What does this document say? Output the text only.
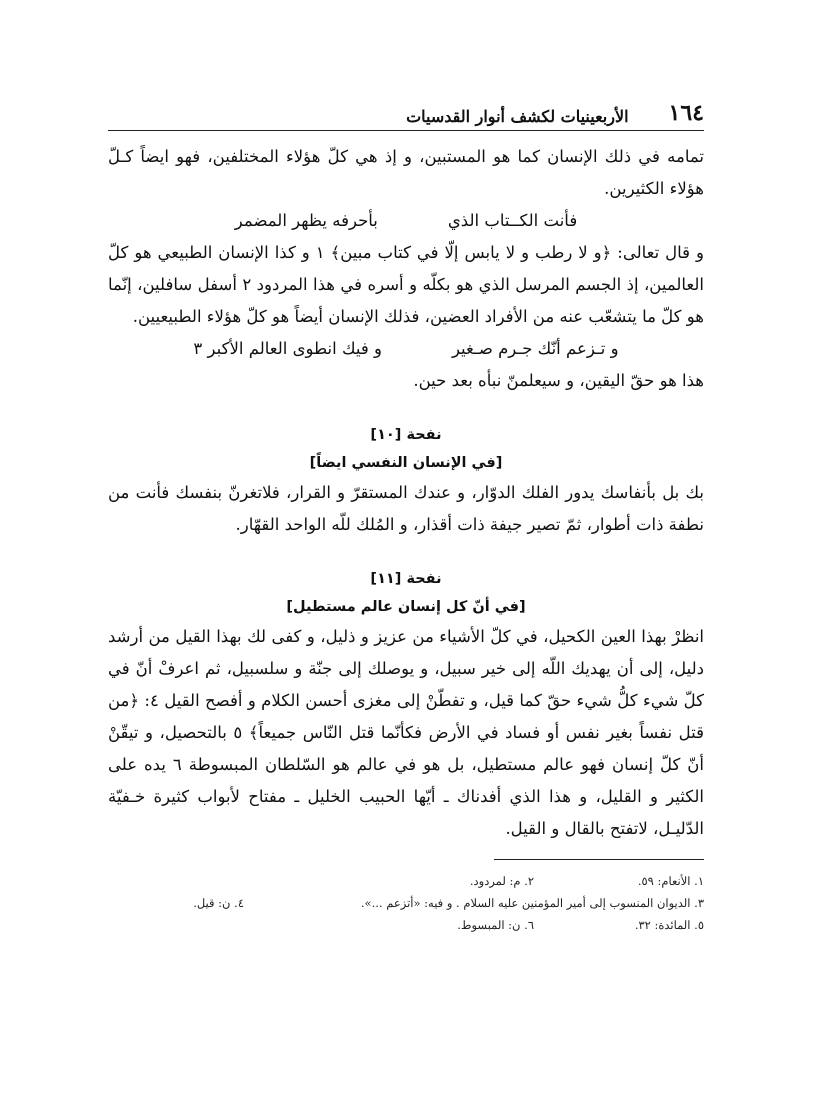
١٦٤
الأربعينيات لكشف أنوار القدسيات

تمامه في ذلك الإنسان كما هو المستبين، و إذ هي كلّ هؤلاء المختلفين، فهو ايضاً كـلّ هؤلاء الكثيرين.

فأنت الكــتاب الذي
بأحرفه يظهر المضمر

و قال تعالى: ﴿و لا رطب و لا يابس إلّا في كتاب مبين﴾ ١ و كذا الإنسان الطبيعي هو كلّ العالمين، إذ الجسم المرسل الذي هو بكلّه و أسره في هذا المردود ٢ أسفل سافلين، إنّما هو كلّ ما يتشعّب عنه من الأفراد العضين، فذلك الإنسان أيضاً هو كلّ هؤلاء الطبيعيين.

و تـزعم أنّك جـرم صـغير
و فيك انطوى العالم الأكبر ٣

هذا هو حقّ اليقين، و سيعلمنّ نبأه بعد حين.

نفحة [١٠]
[في الإنسان النفسي ايضاً]

بك بل بأنفاسك يدور الفلك الدوّار، و عندك المستقرّ و القرار، فلاتغرنّ بنفسك فأنت من نطفة ذات أطوار، ثمّ تصير جيفة ذات أقذار، و المُلك للّه الواحد القهّار.

نفحة [١١]
[في أنّ كل إنسان عالم مستطيل]

انظرْ بهذا العين الكحيل، في كلّ الأشياء من عزيز و ذليل، و كفى لك بهذا القيل من أرشد دليل، إلى أن يهديك اللّه إلى خير سبيل، و يوصلك إلى جنّة و سلسبيل، ثم اعرفْ أنّ في كلّ شيء كلُّ شيء حقّ كما قيل، و تفطّنْ إلى مغزى أحسن الكلام و أفصح القيل ٤: ﴿من قتل نفساً بغير نفس أو فساد في الأرض فكأنّما قتل النّاس جميعاً﴾ ٥ بالتحصيل، و تيقّنْ أنّ كلّ إنسان فهو عالم مستطيل، بل هو في عالم هو السّلطان المبسوطة ٦ يده على الكثير و القليل، و هذا الذي أفدناك ـ أيّها الحبيب الخليل ـ مفتاح لأبواب كثيرة خـفيّة الدّليـل، لاتفتح بالقال و القيل.

١. الأنعام: ٥٩.
٢. م: لمردود.
٣. الديوان المنسوب إلى أمير المؤمنين عليه السلام . و فيه: «أتزعم ...».
٤. ن: قيل.
٥. المائدة: ٣٢.
٦. ن: المبسوط.
